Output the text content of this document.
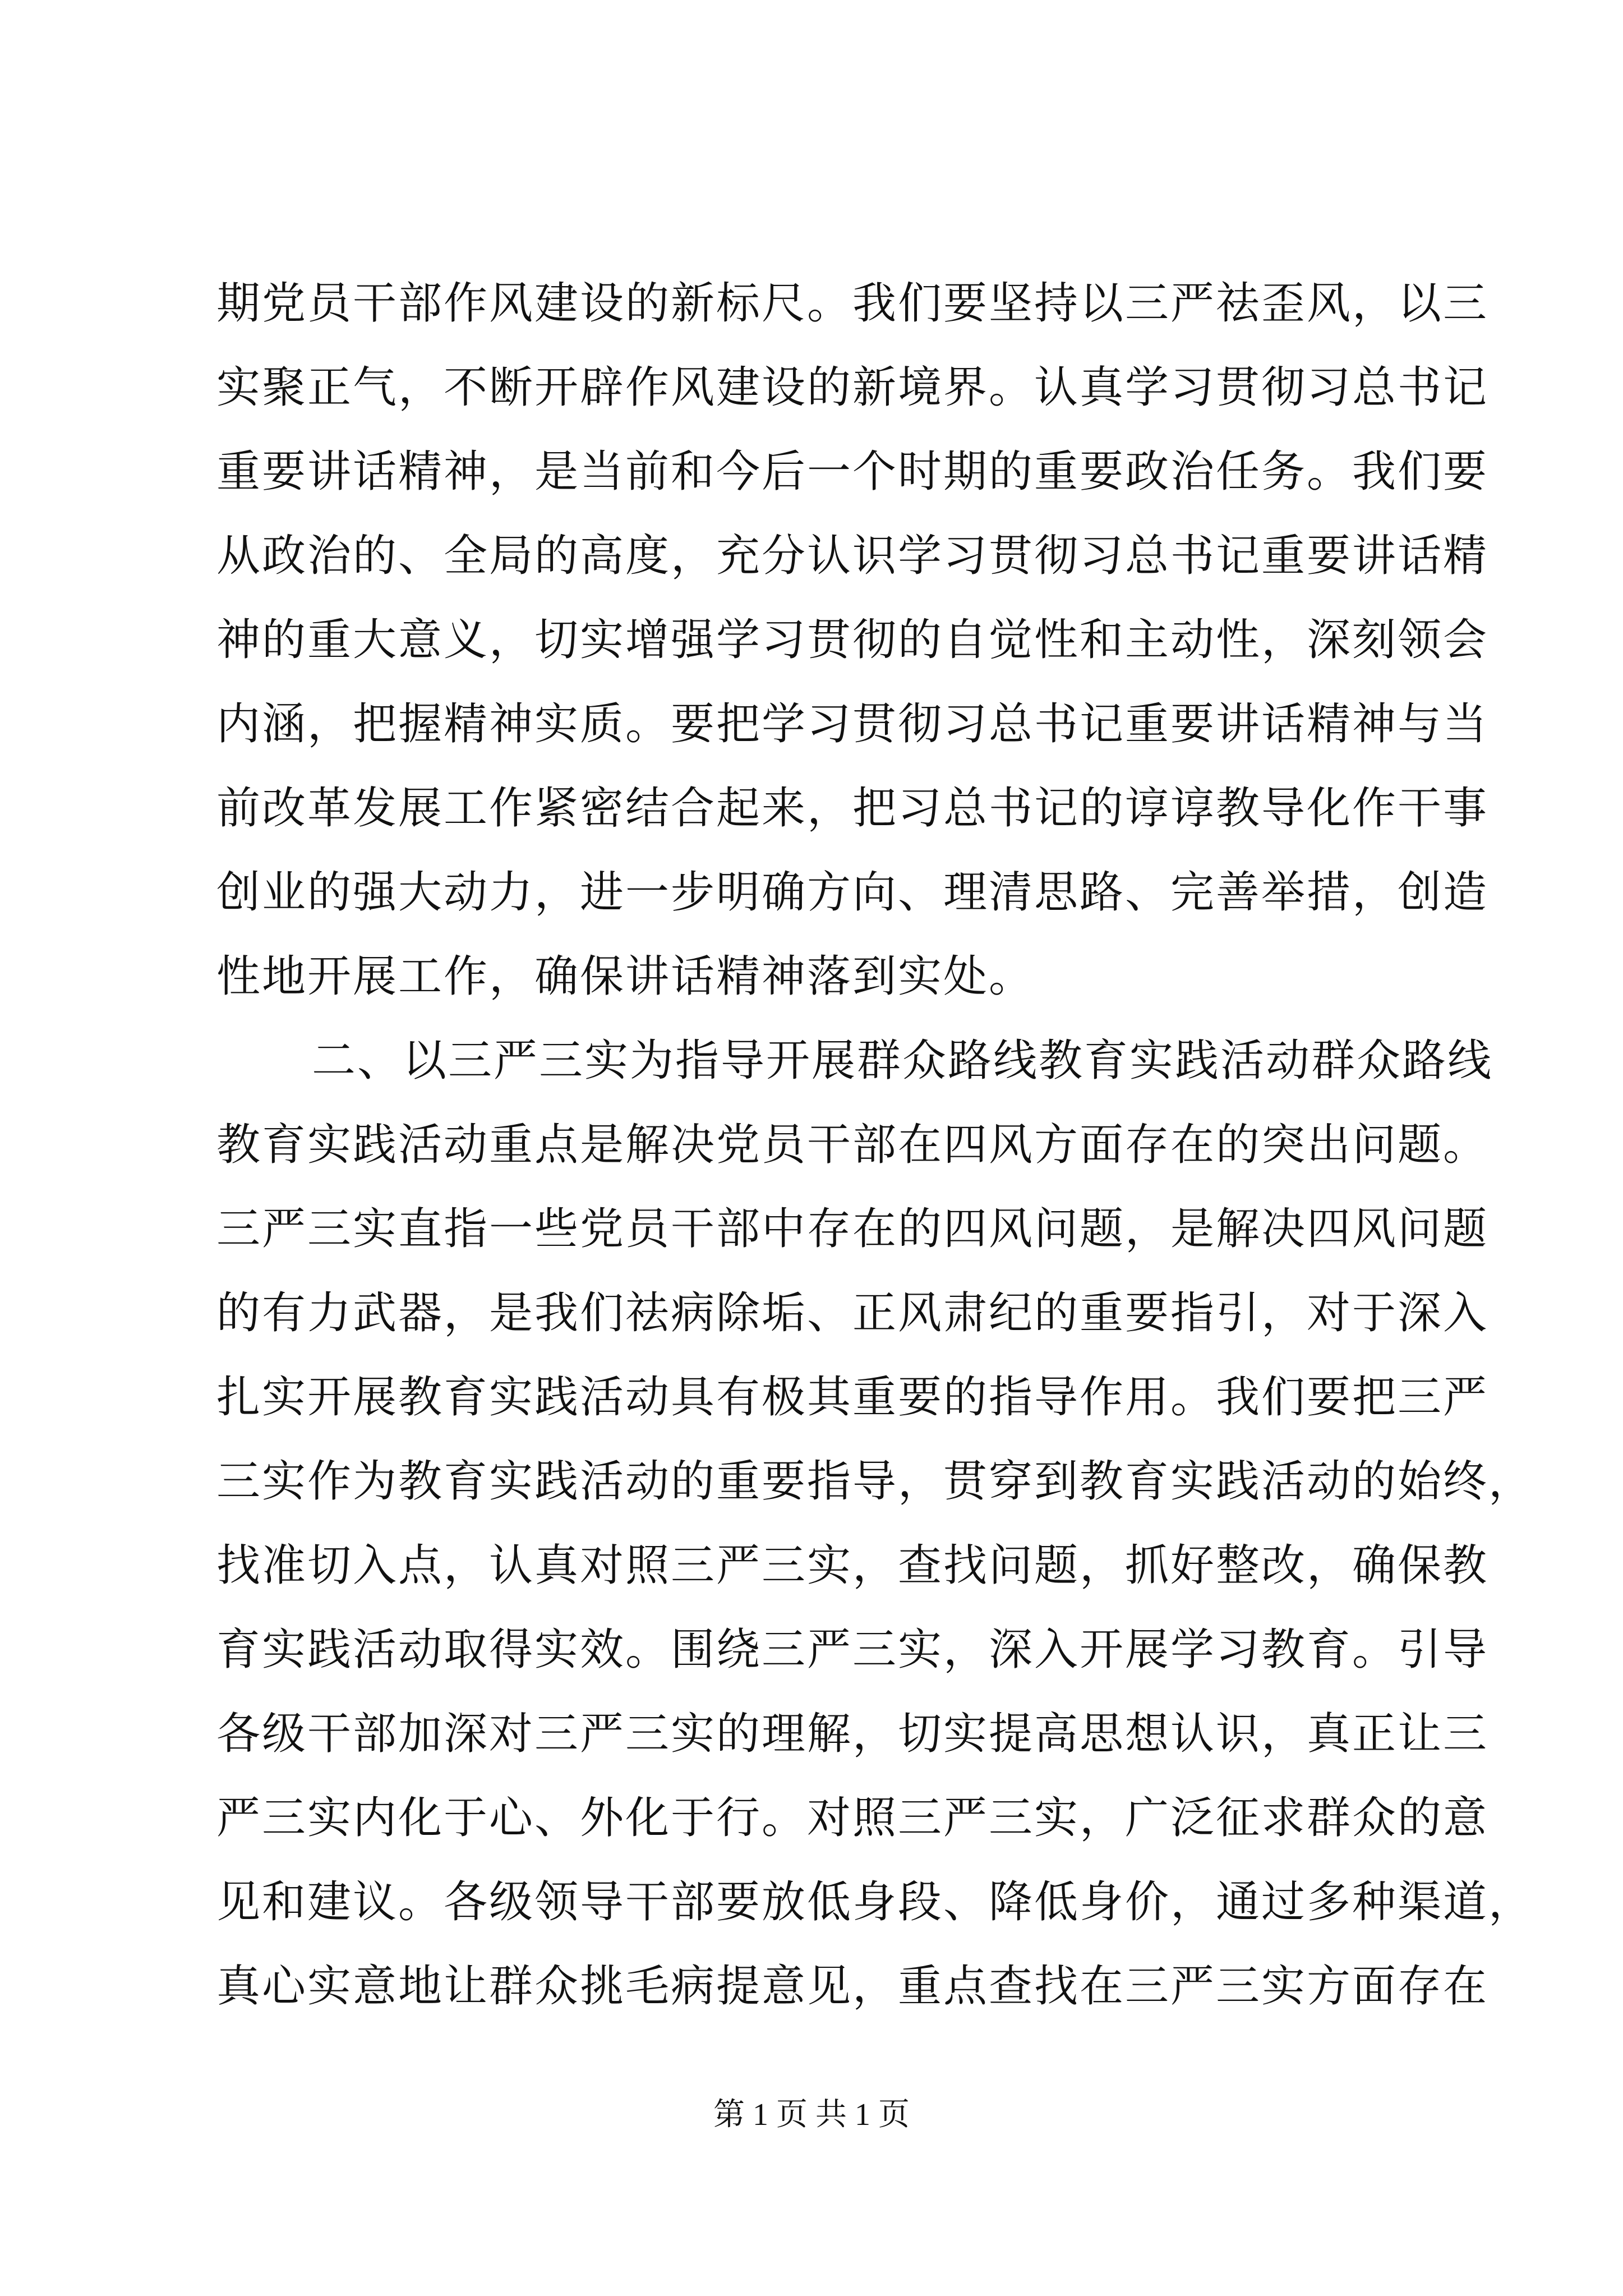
期党员干部作风建设的新标尺。我们要坚持以三严祛歪风，以三
实聚正气，不断开辟作风建设的新境界。认真学习贯彻习总书记
重要讲话精神，是当前和今后一个时期的重要政治任务。我们要
从政治的、全局的高度，充分认识学习贯彻习总书记重要讲话精
神的重大意义，切实增强学习贯彻的自觉性和主动性，深刻领会
内涵，把握精神实质。要把学习贯彻习总书记重要讲话精神与当
前改革发展工作紧密结合起来，把习总书记的谆谆教导化作干事
创业的强大动力，进一步明确方向、理清思路、完善举措，创造
性地开展工作，确保讲话精神落到实处。
二、以三严三实为指导开展群众路线教育实践活动群众路线
教育实践活动重点是解决党员干部在四风方面存在的突出问题。
三严三实直指一些党员干部中存在的四风问题，是解决四风问题
的有力武器，是我们祛病除垢、正风肃纪的重要指引，对于深入
扎实开展教育实践活动具有极其重要的指导作用。我们要把三严
三实作为教育实践活动的重要指导，贯穿到教育实践活动的始终，
找准切入点，认真对照三严三实，查找问题，抓好整改，确保教
育实践活动取得实效。围绕三严三实，深入开展学习教育。引导
各级干部加深对三严三实的理解，切实提高思想认识，真正让三
严三实内化于心、外化于行。对照三严三实，广泛征求群众的意
见和建议。各级领导干部要放低身段、降低身价，通过多种渠道，
真心实意地让群众挑毛病提意见，重点查找在三严三实方面存在
第 1 页 共 1 页
